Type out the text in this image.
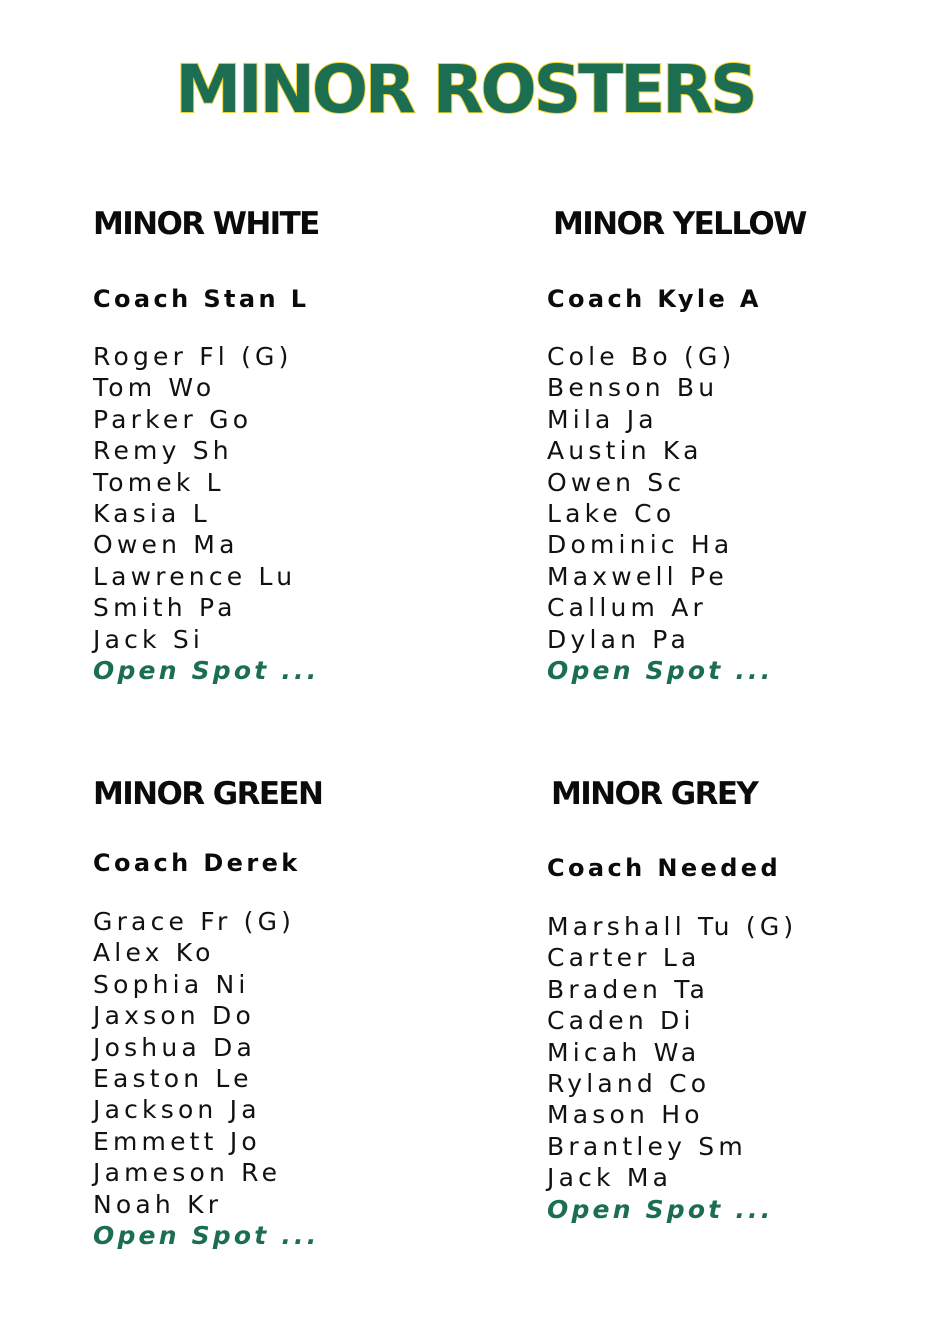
MINOR ROSTERS
MINOR WHITE
Coach Stan L
Roger Fl (G)
Tom Wo
Parker Go
Remy Sh
Tomek L
Kasia L
Owen Ma
Lawrence Lu
Smith Pa
Jack Si
Open Spot ...
MINOR YELLOW
Coach Kyle A
Cole Bo (G)
Benson Bu
Mila Ja
Austin Ka
Owen Sc
Lake Co
Dominic Ha
Maxwell Pe
Callum Ar
Dylan Pa
Open Spot ...
MINOR GREEN
Coach Derek
Grace Fr (G)
Alex Ko
Sophia Ni
Jaxson Do
Joshua Da
Easton Le
Jackson Ja
Emmett Jo
Jameson Re
Noah Kr
Open Spot ...
MINOR GREY
Coach Needed
Marshall Tu (G)
Carter La
Braden Ta
Caden Di
Micah Wa
Ryland Co
Mason Ho
Brantley Sm
Jack Ma
Open Spot ...
